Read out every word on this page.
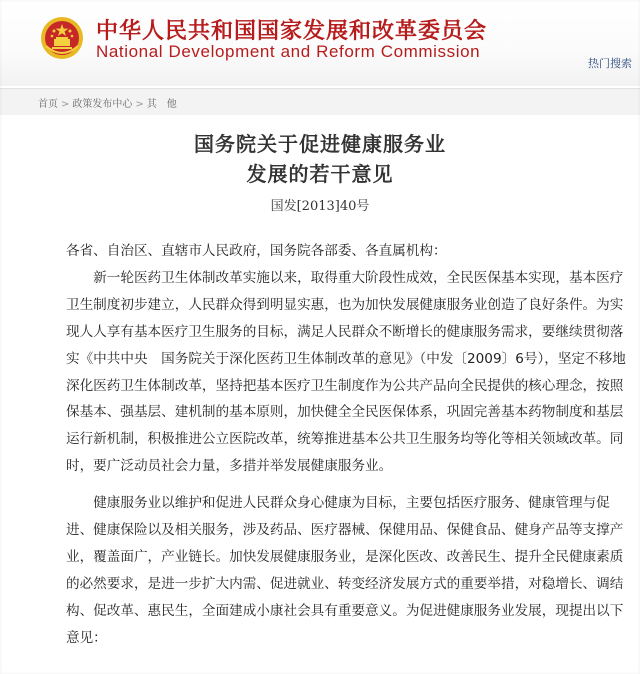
中华人民共和国国家发展和改革委员会
National Development and Reform Commission
热门搜索
首页 > 政策发布中心 > 其　他
国务院关于促进健康服务业
发展的若干意见
国发[2013]40号

各省、自治区、直辖市人民政府，国务院各部委、各直属机构：

新一轮医药卫生体制改革实施以来，取得重大阶段性成效，全民医保基本实现，基本医疗卫生制度初步建立，人民群众得到明显实惠，也为加快发展健康服务业创造了良好条件。为实现人人享有基本医疗卫生服务的目标，满足人民群众不断增长的健康服务需求，要继续贯彻落实《中共中央　国务院关于深化医药卫生体制改革的意见》（中发〔2009〕6号），坚定不移地深化医药卫生体制改革，坚持把基本医疗卫生制度作为公共产品向全民提供的核心理念，按照保基本、强基层、建机制的基本原则，加快健全全民医保体系，巩固完善基本药物制度和基层运行新机制，积极推进公立医院改革，统筹推进基本公共卫生服务均等化等相关领域改革。同时，要广泛动员社会力量，多措并举发展健康服务业。

健康服务业以维护和促进人民群众身心健康为目标，主要包括医疗服务、健康管理与促进、健康保险以及相关服务，涉及药品、医疗器械、保健用品、保健食品、健身产品等支撑产业，覆盖面广，产业链长。加快发展健康服务业，是深化医改、改善民生、提升全民健康素质的必然要求，是进一步扩大内需、促进就业、转变经济发展方式的重要举措，对稳增长、调结构、促改革、惠民生，全面建成小康社会具有重要意义。为促进健康服务业发展，现提出以下意见：
